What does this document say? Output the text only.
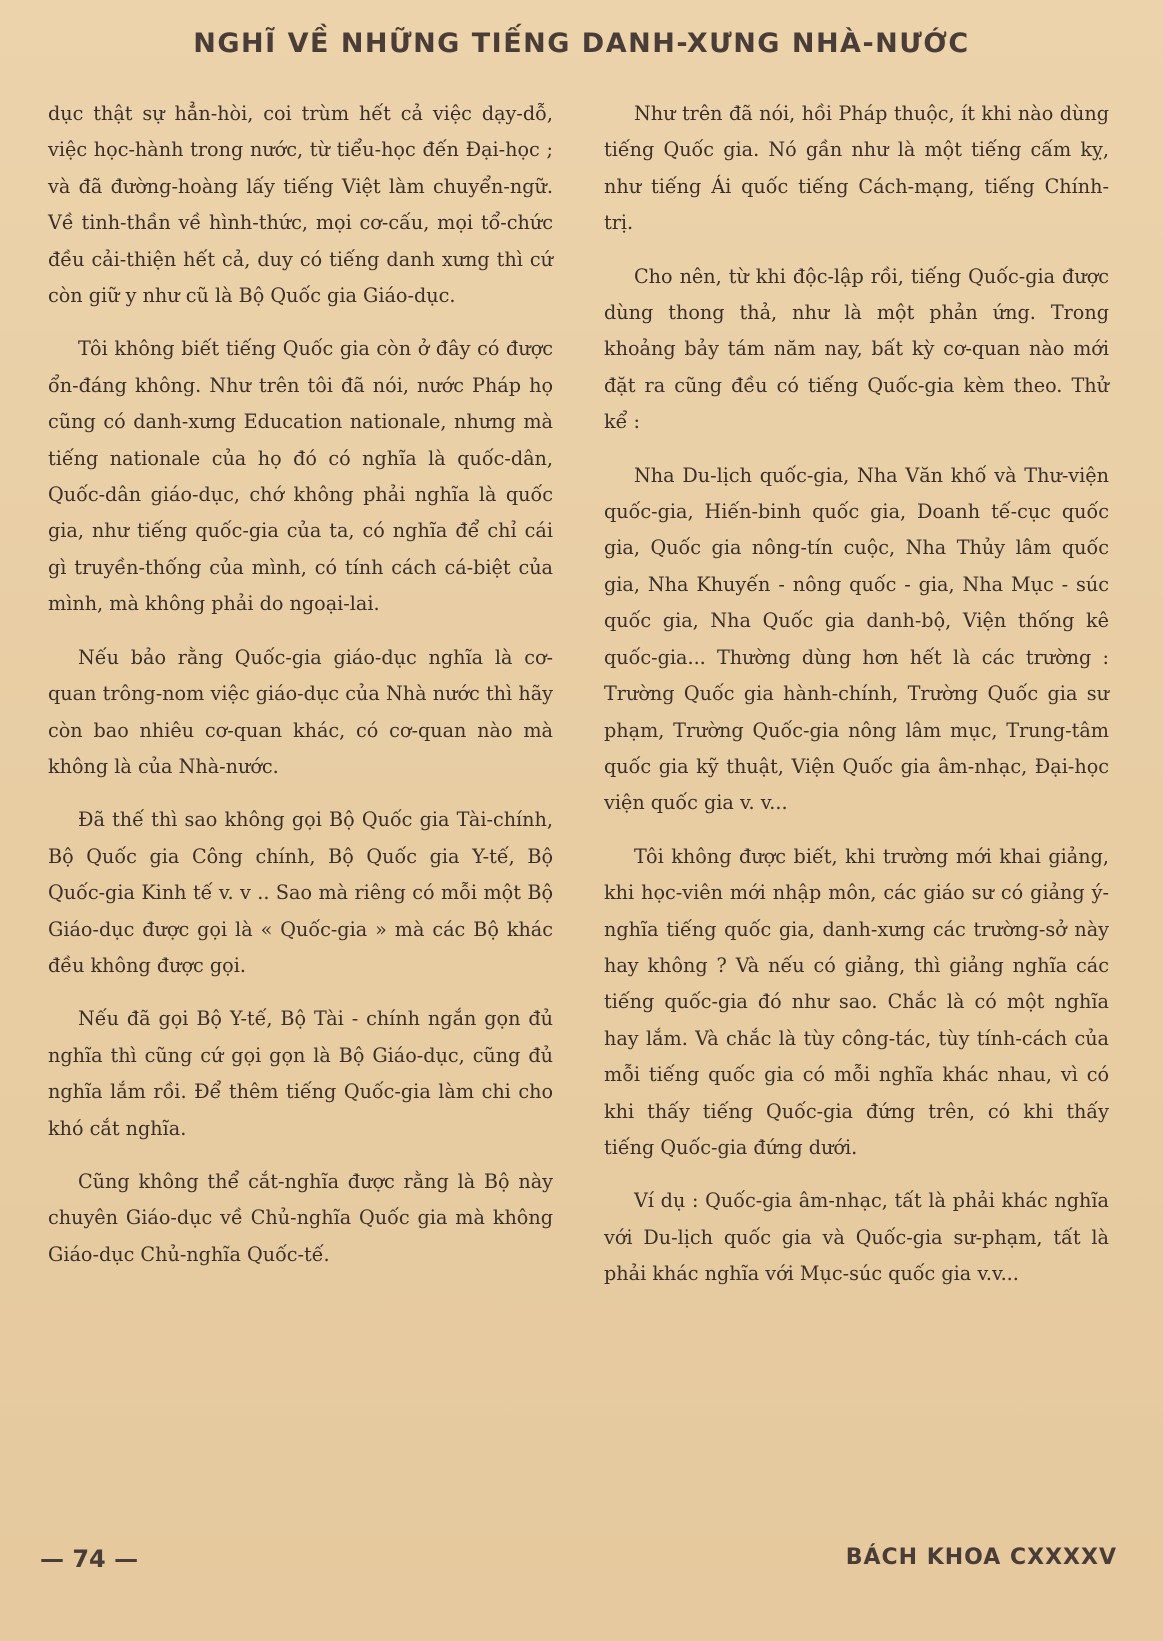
NGHĨ VỀ NHỮNG TIẾNG DANH-XƯNG NHÀ-NƯỚC

dục thật sự hẳn-hòi, coi trùm hết cả việc dạy-dỗ, việc học-hành trong nước, từ tiểu-học đến Đại-học ; và đã đường-hoàng lấy tiếng Việt làm chuyển-ngữ. Về tinh-thần về hình-thức, mọi cơ-cấu, mọi tổ-chức đều cải-thiện hết cả, duy có tiếng danh xưng thì cứ còn giữ y như cũ là Bộ Quốc gia Giáo-dục.

Tôi không biết tiếng Quốc gia còn ở đây có được ổn-đáng không. Như trên tôi đã nói, nước Pháp họ cũng có danh-xưng Education nationale, nhưng mà tiếng nationale của họ đó có nghĩa là quốc-dân, Quốc-dân giáo-dục, chớ không phải nghĩa là quốc gia, như tiếng quốc-gia của ta, có nghĩa để chỉ cái gì truyền-thống của mình, có tính cách cá-biệt của mình, mà không phải do ngoại-lai.

Nếu bảo rằng Quốc-gia giáo-dục nghĩa là cơ-quan trông-nom việc giáo-dục của Nhà nước thì hãy còn bao nhiêu cơ-quan khác, có cơ-quan nào mà không là của Nhà-nước.

Đã thế thì sao không gọi Bộ Quốc gia Tài-chính, Bộ Quốc gia Công chính, Bộ Quốc gia Y-tế, Bộ Quốc-gia Kinh tế v. v .. Sao mà riêng có mỗi một Bộ Giáo-dục được gọi là « Quốc-gia » mà các Bộ khác đều không được gọi.

Nếu đã gọi Bộ Y-tế, Bộ Tài - chính ngắn gọn đủ nghĩa thì cũng cứ gọi gọn là Bộ Giáo-dục, cũng đủ nghĩa lắm rồi. Để thêm tiếng Quốc-gia làm chi cho khó cắt nghĩa.

Cũng không thể cắt-nghĩa được rằng là Bộ này chuyên Giáo-dục về Chủ-nghĩa Quốc gia mà không Giáo-dục Chủ-nghĩa Quốc-tế.

Như trên đã nói, hồi Pháp thuộc, ít khi nào dùng tiếng Quốc gia. Nó gần như là một tiếng cấm kỵ, như tiếng Ái quốc tiếng Cách-mạng, tiếng Chính-trị.

Cho nên, từ khi độc-lập rồi, tiếng Quốc-gia được dùng thong thả, như là một phản ứng. Trong khoảng bảy tám năm nay, bất kỳ cơ-quan nào mới đặt ra cũng đều có tiếng Quốc-gia kèm theo. Thử kể :

Nha Du-lịch quốc-gia, Nha Văn khố và Thư-viện quốc-gia, Hiến-binh quốc gia, Doanh tế-cục quốc gia, Quốc gia nông-tín cuộc, Nha Thủy lâm quốc gia, Nha Khuyến - nông quốc - gia, Nha Mục - súc quốc gia, Nha Quốc gia danh-bộ, Viện thống kê quốc-gia... Thường dùng hơn hết là các trường : Trường Quốc gia hành-chính, Trường Quốc gia sư phạm, Trường Quốc-gia nông lâm mục, Trung-tâm quốc gia kỹ thuật, Viện Quốc gia âm-nhạc, Đại-học viện quốc gia v. v...

Tôi không được biết, khi trường mới khai giảng, khi học-viên mới nhập môn, các giáo sư có giảng ý-nghĩa tiếng quốc gia, danh-xưng các trường-sở này hay không ? Và nếu có giảng, thì giảng nghĩa các tiếng quốc-gia đó như sao. Chắc là có một nghĩa hay lắm. Và chắc là tùy công-tác, tùy tính-cách của mỗi tiếng quốc gia có mỗi nghĩa khác nhau, vì có khi thấy tiếng Quốc-gia đứng trên, có khi thấy tiếng Quốc-gia đứng dưới.

Ví dụ : Quốc-gia âm-nhạc, tất là phải khác nghĩa với Du-lịch quốc gia và Quốc-gia sư-phạm, tất là phải khác nghĩa với Mục-súc quốc gia v.v...

— 74 —	BÁCH KHOA CXXXXV
